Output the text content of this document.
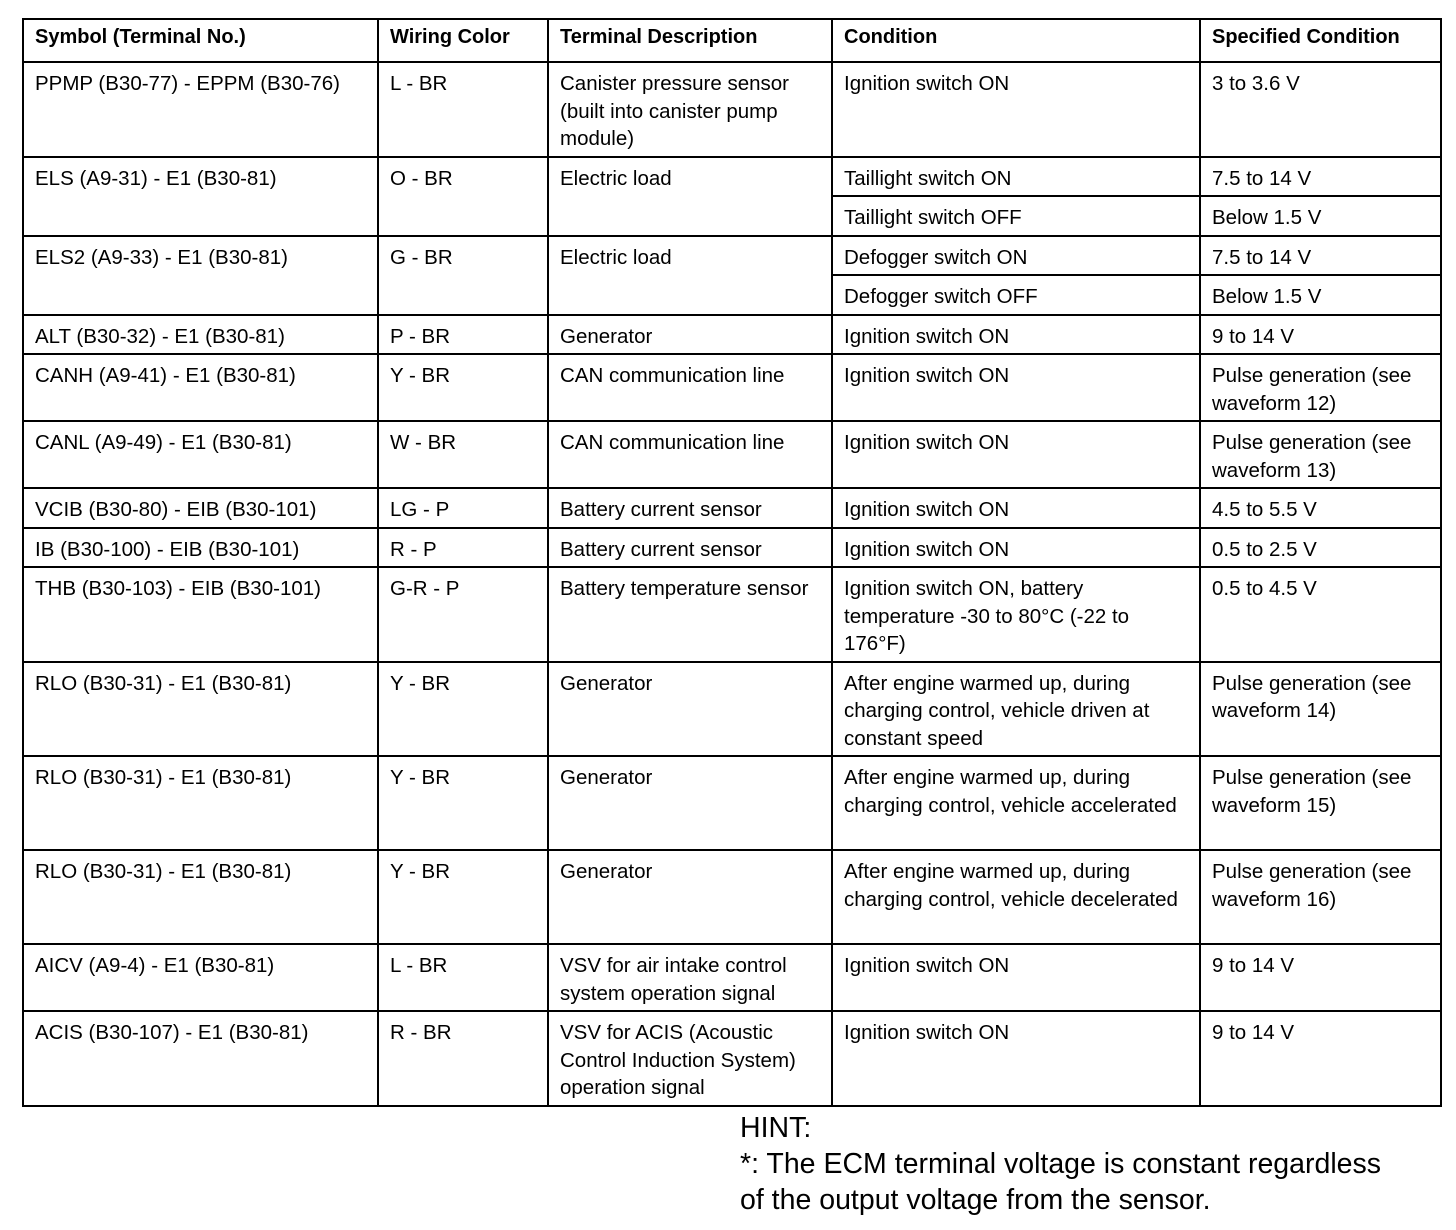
Symbol (Terminal No.)	Wiring Color	Terminal Description	Condition	Specified Condition
PPMP (B30-77) - EPPM (B30-76)	L - BR	Canister pressure sensor (built into canister pump module)	Ignition switch ON	3 to 3.6 V
ELS (A9-31) - E1 (B30-81)	O - BR	Electric load	Taillight switch ON	7.5 to 14 V
			Taillight switch OFF	Below 1.5 V
ELS2 (A9-33) - E1 (B30-81)	G - BR	Electric load	Defogger switch ON	7.5 to 14 V
			Defogger switch OFF	Below 1.5 V
ALT (B30-32) - E1 (B30-81)	P - BR	Generator	Ignition switch ON	9 to 14 V
CANH (A9-41) - E1 (B30-81)	Y - BR	CAN communication line	Ignition switch ON	Pulse generation (see waveform 12)
CANL (A9-49) - E1 (B30-81)	W - BR	CAN communication line	Ignition switch ON	Pulse generation (see waveform 13)
VCIB (B30-80) - EIB (B30-101)	LG - P	Battery current sensor	Ignition switch ON	4.5 to 5.5 V
IB (B30-100) - EIB (B30-101)	R - P	Battery current sensor	Ignition switch ON	0.5 to 2.5 V
THB (B30-103) - EIB (B30-101)	G-R - P	Battery temperature sensor	Ignition switch ON, battery temperature -30 to 80°C (-22 to 176°F)	0.5 to 4.5 V
RLO (B30-31) - E1 (B30-81)	Y - BR	Generator	After engine warmed up, during charging control, vehicle driven at constant speed	Pulse generation (see waveform 14)
RLO (B30-31) - E1 (B30-81)	Y - BR	Generator	After engine warmed up, during charging control, vehicle accelerated	Pulse generation (see waveform 15)
RLO (B30-31) - E1 (B30-81)	Y - BR	Generator	After engine warmed up, during charging control, vehicle decelerated	Pulse generation (see waveform 16)
AICV (A9-4) - E1 (B30-81)	L - BR	VSV for air intake control system operation signal	Ignition switch ON	9 to 14 V
ACIS (B30-107) - E1 (B30-81)	R - BR	VSV for ACIS (Acoustic Control Induction System) operation signal	Ignition switch ON	9 to 14 V
HINT:
*: The ECM terminal voltage is constant regardless
of the output voltage from the sensor.
